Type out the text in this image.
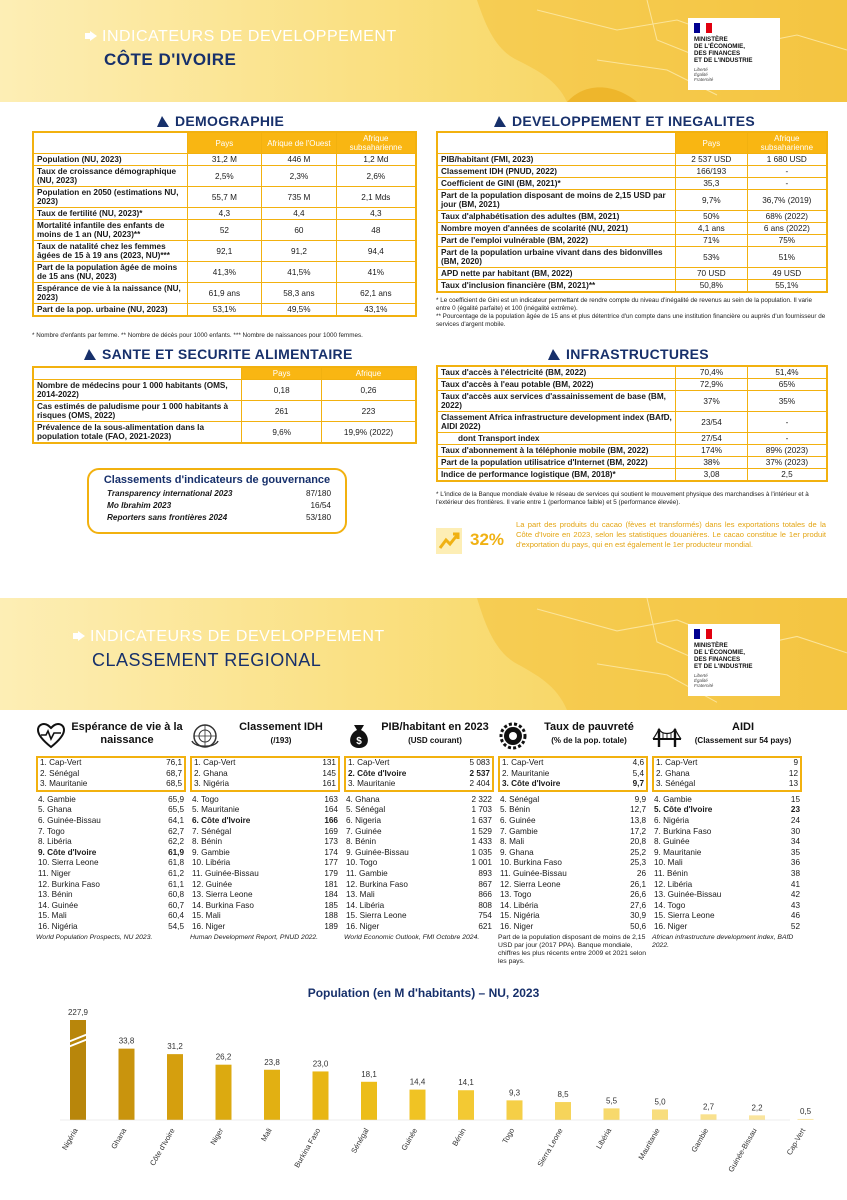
INDICATEURS DE DEVELOPPEMENT
CÔTE D'IVOIRE
MINISTÈRE
DE L'ÉCONOMIE,
DES FINANCES
ET DE L'INDUSTRIE
Liberté
Égalité
Fraternité
DEMOGRAPHIE
	Pays	Afrique de l'Ouest	Afrique subsaharienne
Population (NU, 2023)	31,2 M	446 M	1,2 Md
Taux de croissance démographique (NU, 2023)	2,5%	2,3%	2,6%
Population en 2050 (estimations NU, 2023)	55,7 M	735 M	2,1 Mds
Taux de fertilité (NU, 2023)*	4,3	4,4	4,3
Mortalité infantile des enfants de moins de 1 an (NU, 2023)**	52	60	48
Taux de natalité chez les femmes âgées de 15 à 19 ans (2023, NU)***	92,1	91,2	94,4
Part de la population âgée de moins de 15 ans (NU, 2023)	41,3%	41,5%	41%
Espérance de vie à la naissance (NU, 2023)	61,9 ans	58,3 ans	62,1 ans
Part de la pop. urbaine (NU, 2023)	53,1%	49,5%	43,1%
* Nombre d'enfants par femme. ** Nombre de décès pour 1000 enfants. *** Nombre de naissances pour 1000 femmes.
SANTE ET SECURITE ALIMENTAIRE
	Pays	Afrique
Nombre de médecins pour 1 000 habitants (OMS, 2014-2022)	0,18	0,26
Cas estimés de paludisme pour 1 000 habitants à risques (OMS, 2022)	261	223
Prévalence de la sous-alimentation dans la population totale (FAO, 2021-2023)	9,6%	19,9% (2022)
Classements d'indicateurs de gouvernance
Transparency international 2023	87/180
Mo Ibrahim 2023	16/54
Reporters sans frontières 2024	53/180
DEVELOPPEMENT ET INEGALITES
	Pays	Afrique subsaharienne
PIB/habitant (FMI, 2023)	2 537 USD	1 680 USD
Classement IDH (PNUD, 2022)	166/193	-
Coefficient de GINI (BM, 2021)*	35,3	-
Part de la population disposant de moins de 2,15 USD par jour (BM, 2021)	9,7%	36,7% (2019)
Taux d'alphabétisation des adultes (BM, 2021)	50%	68% (2022)
Nombre moyen d'années de scolarité (NU, 2021)	4,1 ans	6 ans (2022)
Part de l'emploi vulnérable (BM, 2022)	71%	75%
Part de la population urbaine vivant dans des bidonvilles (BM, 2020)	53%	51%
APD nette par habitant (BM, 2022)	70 USD	49 USD
Taux d'inclusion financière (BM, 2021)**	50,8%	55,1%
* Le coefficient de Gini est un indicateur permettant de rendre compte du niveau d'inégalité de revenus au sein de la population. Il varie entre 0 (égalité parfaite) et 100 (inégalité extrême).
** Pourcentage de la population âgée de 15 ans et plus détentrice d'un compte dans une institution financière ou auprès d'un fournisseur de services d'argent mobile.
INFRASTRUCTURES
Taux d'accès à l'électricité (BM, 2022)	70,4%	51,4%
Taux d'accès à l'eau potable (BM, 2022)	72,9%	65%
Taux d'accès aux services d'assainissement de base (BM, 2022)	37%	35%
Classement Africa infrastructure development index (BAfD, AIDI 2022)	23/54	-
dont Transport index	27/54	-
Taux d'abonnement à la téléphonie mobile (BM, 2022)	174%	89% (2023)
Part de la population utilisatrice d'Internet (BM, 2022)	38%	37% (2023)
Indice de performance logistique (BM, 2018)*	3,08	2,5
* L'indice de la Banque mondiale évalue le réseau de services qui soutient le mouvement physique des marchandises à l'intérieur et à l'extérieur des frontières. Il varie entre 1 (performance faible) et 5 (performance élevée).
32%
La part des produits du cacao (fèves et transformés) dans les exportations totales de la Côte d'Ivoire en 2023, selon les statistiques douanières. Le cacao constitue le 1er produit d'exportation du pays, qui en est également le 1er producteur mondial.
INDICATEURS DE DEVELOPPEMENT
CLASSEMENT REGIONAL
MINISTÈRE
DE L'ÉCONOMIE,
DES FINANCES
ET DE L'INDUSTRIE
Liberté
Égalité
Fraternité
Espérance de vie à la naissance
1. Cap-Vert	76,1
2. Sénégal	68,7
3. Mauritanie	68,5
4. Gambie	65,9
5. Ghana	65,5
6. Guinée-Bissau	64,1
7. Togo	62,7
8. Libéria	62,2
9. Côte d'Ivoire	61,9
10. Sierra Leone	61,8
11. Niger	61,2
12. Burkina Faso	61,1
13. Bénin	60,8
14. Guinée	60,7
15. Mali	60,4
16. Nigéria	54,5
World Population Prospects, NU 2023.
Classement IDH
(/193)
1. Cap-Vert	131
2. Ghana	145
3. Nigéria	161
4. Togo	163
5. Mauritanie	164
6. Côte d'Ivoire	166
7. Sénégal	169
8. Bénin	173
9. Gambie	174
10. Libéria	177
11. Guinée-Bissau	179
12. Guinée	181
13. Sierra Leone	184
14. Burkina Faso	185
15. Mali	188
16. Niger	189
Human Development Report, PNUD 2022.
$
PIB/habitant en 2023
(USD courant)
1. Cap-Vert	5 083
2. Côte d'Ivoire	2 537
3. Mauritanie	2 404
4. Ghana	2 322
5. Sénégal	1 703
6. Nigeria	1 637
7. Guinée	1 529
8. Bénin	1 433
9. Guinée-Bissau	1 035
10. Togo	1 001
11. Gambie	893
12. Burkina Faso	867
13. Mali	866
14. Libéria	808
15. Sierra Leone	754
16. Niger	621
World Economic Outlook, FMI Octobre 2024.
Taux de pauvreté
(% de la pop. totale)
1. Cap-Vert	4,6
2. Mauritanie	5,4
3. Côte d'Ivoire	9,7
4. Sénégal	9,9
5. Bénin	12,7
6. Guinée	13,8
7. Gambie	17,2
8. Mali	20,8
9. Ghana	25,2
10. Burkina Faso	25,3
11. Guinée-Bissau	26
12. Sierra Leone	26,1
13. Togo	26,6
14. Libéria	27,6
15. Nigéria	30,9
16. Niger	50,6
Part de la population disposant de moins de 2,15 USD par jour (2017 PPA). Banque mondiale, chiffres les plus récents entre 2009 et 2021 selon les pays.
AIDI
(Classement sur 54 pays)
1. Cap-Vert	9
2. Ghana	12
3. Sénégal	13
4. Gambie	15
5. Côte d'Ivoire	23
6. Nigéria	24
7. Burkina Faso	30
8. Guinée	34
9. Mauritanie	35
10. Mali	36
11. Bénin	38
12. Libéria	41
13. Guinée-Bissau	42
14. Togo	43
15. Sierra Leone	46
16. Niger	52
African infrastructure development index, BAfD 2022.
Population (en M d'habitants) – NU, 2023
227,9
Nigéria
33,8
Ghana
31,2
Côte d'Ivoire
26,2
Niger
23,8
Mali
23,0
Burkina Faso
18,1
Sénégal
14,4
Guinée
14,1
Bénin
9,3
Togo
8,5
Sierra Leone
5,5
Libéria
5,0
Mauritanie
2,7
Gambie
2,2
Guinée-Bissau
0,5
Cap-Vert
